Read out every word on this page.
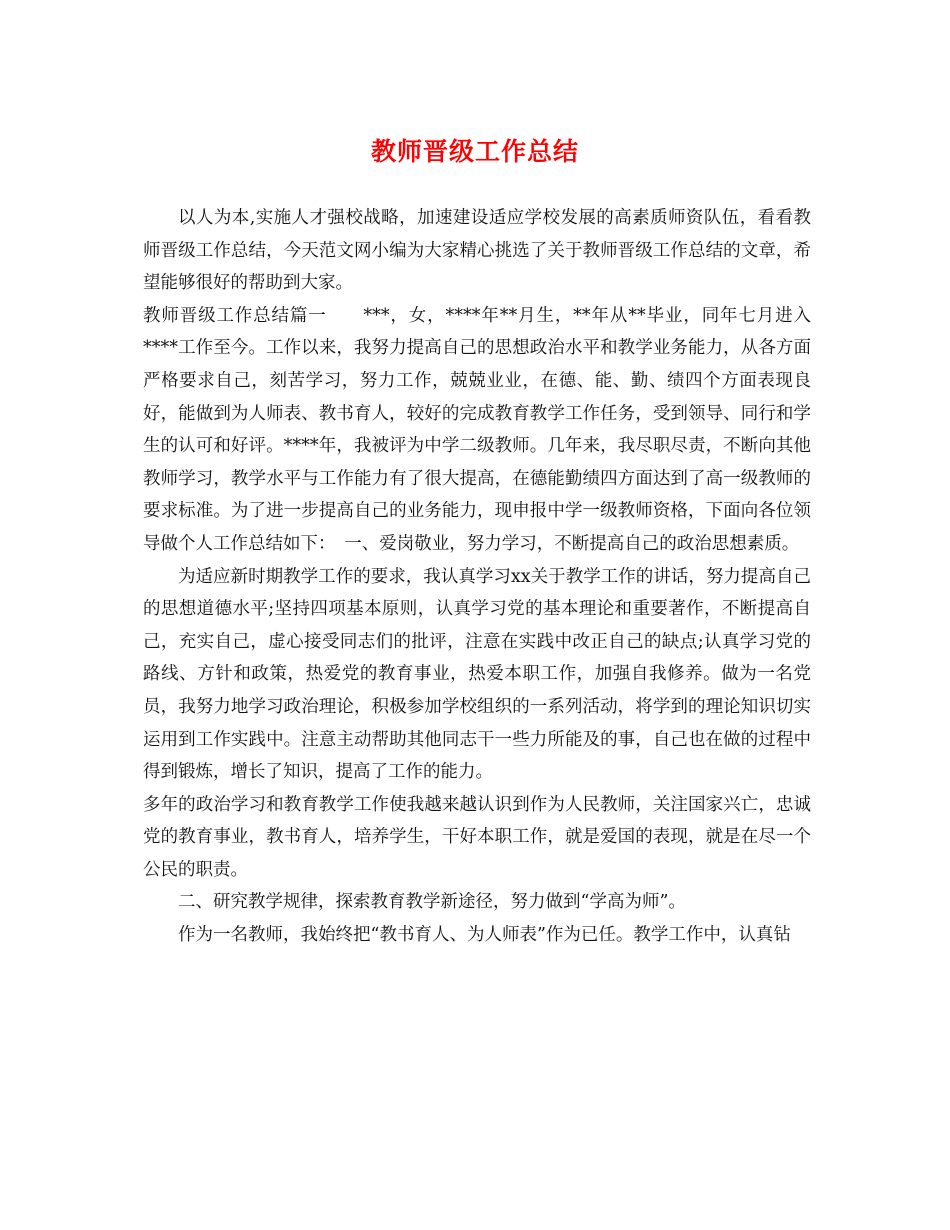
教师晋级工作总结

以人为本,实施人才强校战略，加速建设适应学校发展的高素质师资队伍，看看教师晋级工作总结，今天范文网小编为大家精心挑选了关于教师晋级工作总结的文章，希望能够很好的帮助到大家。

教师晋级工作总结篇一　　***，女，****年**月生，**年从**毕业，同年七月进入****工作至今。工作以来，我努力提高自己的思想政治水平和教学业务能力，从各方面严格要求自己，刻苦学习，努力工作，兢兢业业，在德、能、勤、绩四个方面表现良好，能做到为人师表、教书育人，较好的完成教育教学工作任务，受到领导、同行和学生的认可和好评。****年，我被评为中学二级教师。几年来，我尽职尽责，不断向其他教师学习，教学水平与工作能力有了很大提高，在德能勤绩四方面达到了高一级教师的要求标准。为了进一步提高自己的业务能力，现申报中学一级教师资格，下面向各位领导做个人工作总结如下：　一、爱岗敬业，努力学习，不断提高自己的政治思想素质。

为适应新时期教学工作的要求，我认真学习xx关于教学工作的讲话，努力提高自己的思想道德水平;坚持四项基本原则，认真学习党的基本理论和重要著作，不断提高自己，充实自己，虚心接受同志们的批评，注意在实践中改正自己的缺点;认真学习党的路线、方针和政策，热爱党的教育事业，热爱本职工作，加强自我修养。做为一名党员，我努力地学习政治理论，积极参加学校组织的一系列活动，将学到的理论知识切实运用到工作实践中。注意主动帮助其他同志干一些力所能及的事，自己也在做的过程中得到锻炼，增长了知识，提高了工作的能力。

多年的政治学习和教育教学工作使我越来越认识到作为人民教师，关注国家兴亡，忠诚党的教育事业，教书育人，培养学生，干好本职工作，就是爱国的表现，就是在尽一个公民的职责。

二、研究教学规律，探索教育教学新途径，努力做到“学高为师”。

作为一名教师，我始终把“教书育人、为人师表”作为已任。教学工作中，认真钻
